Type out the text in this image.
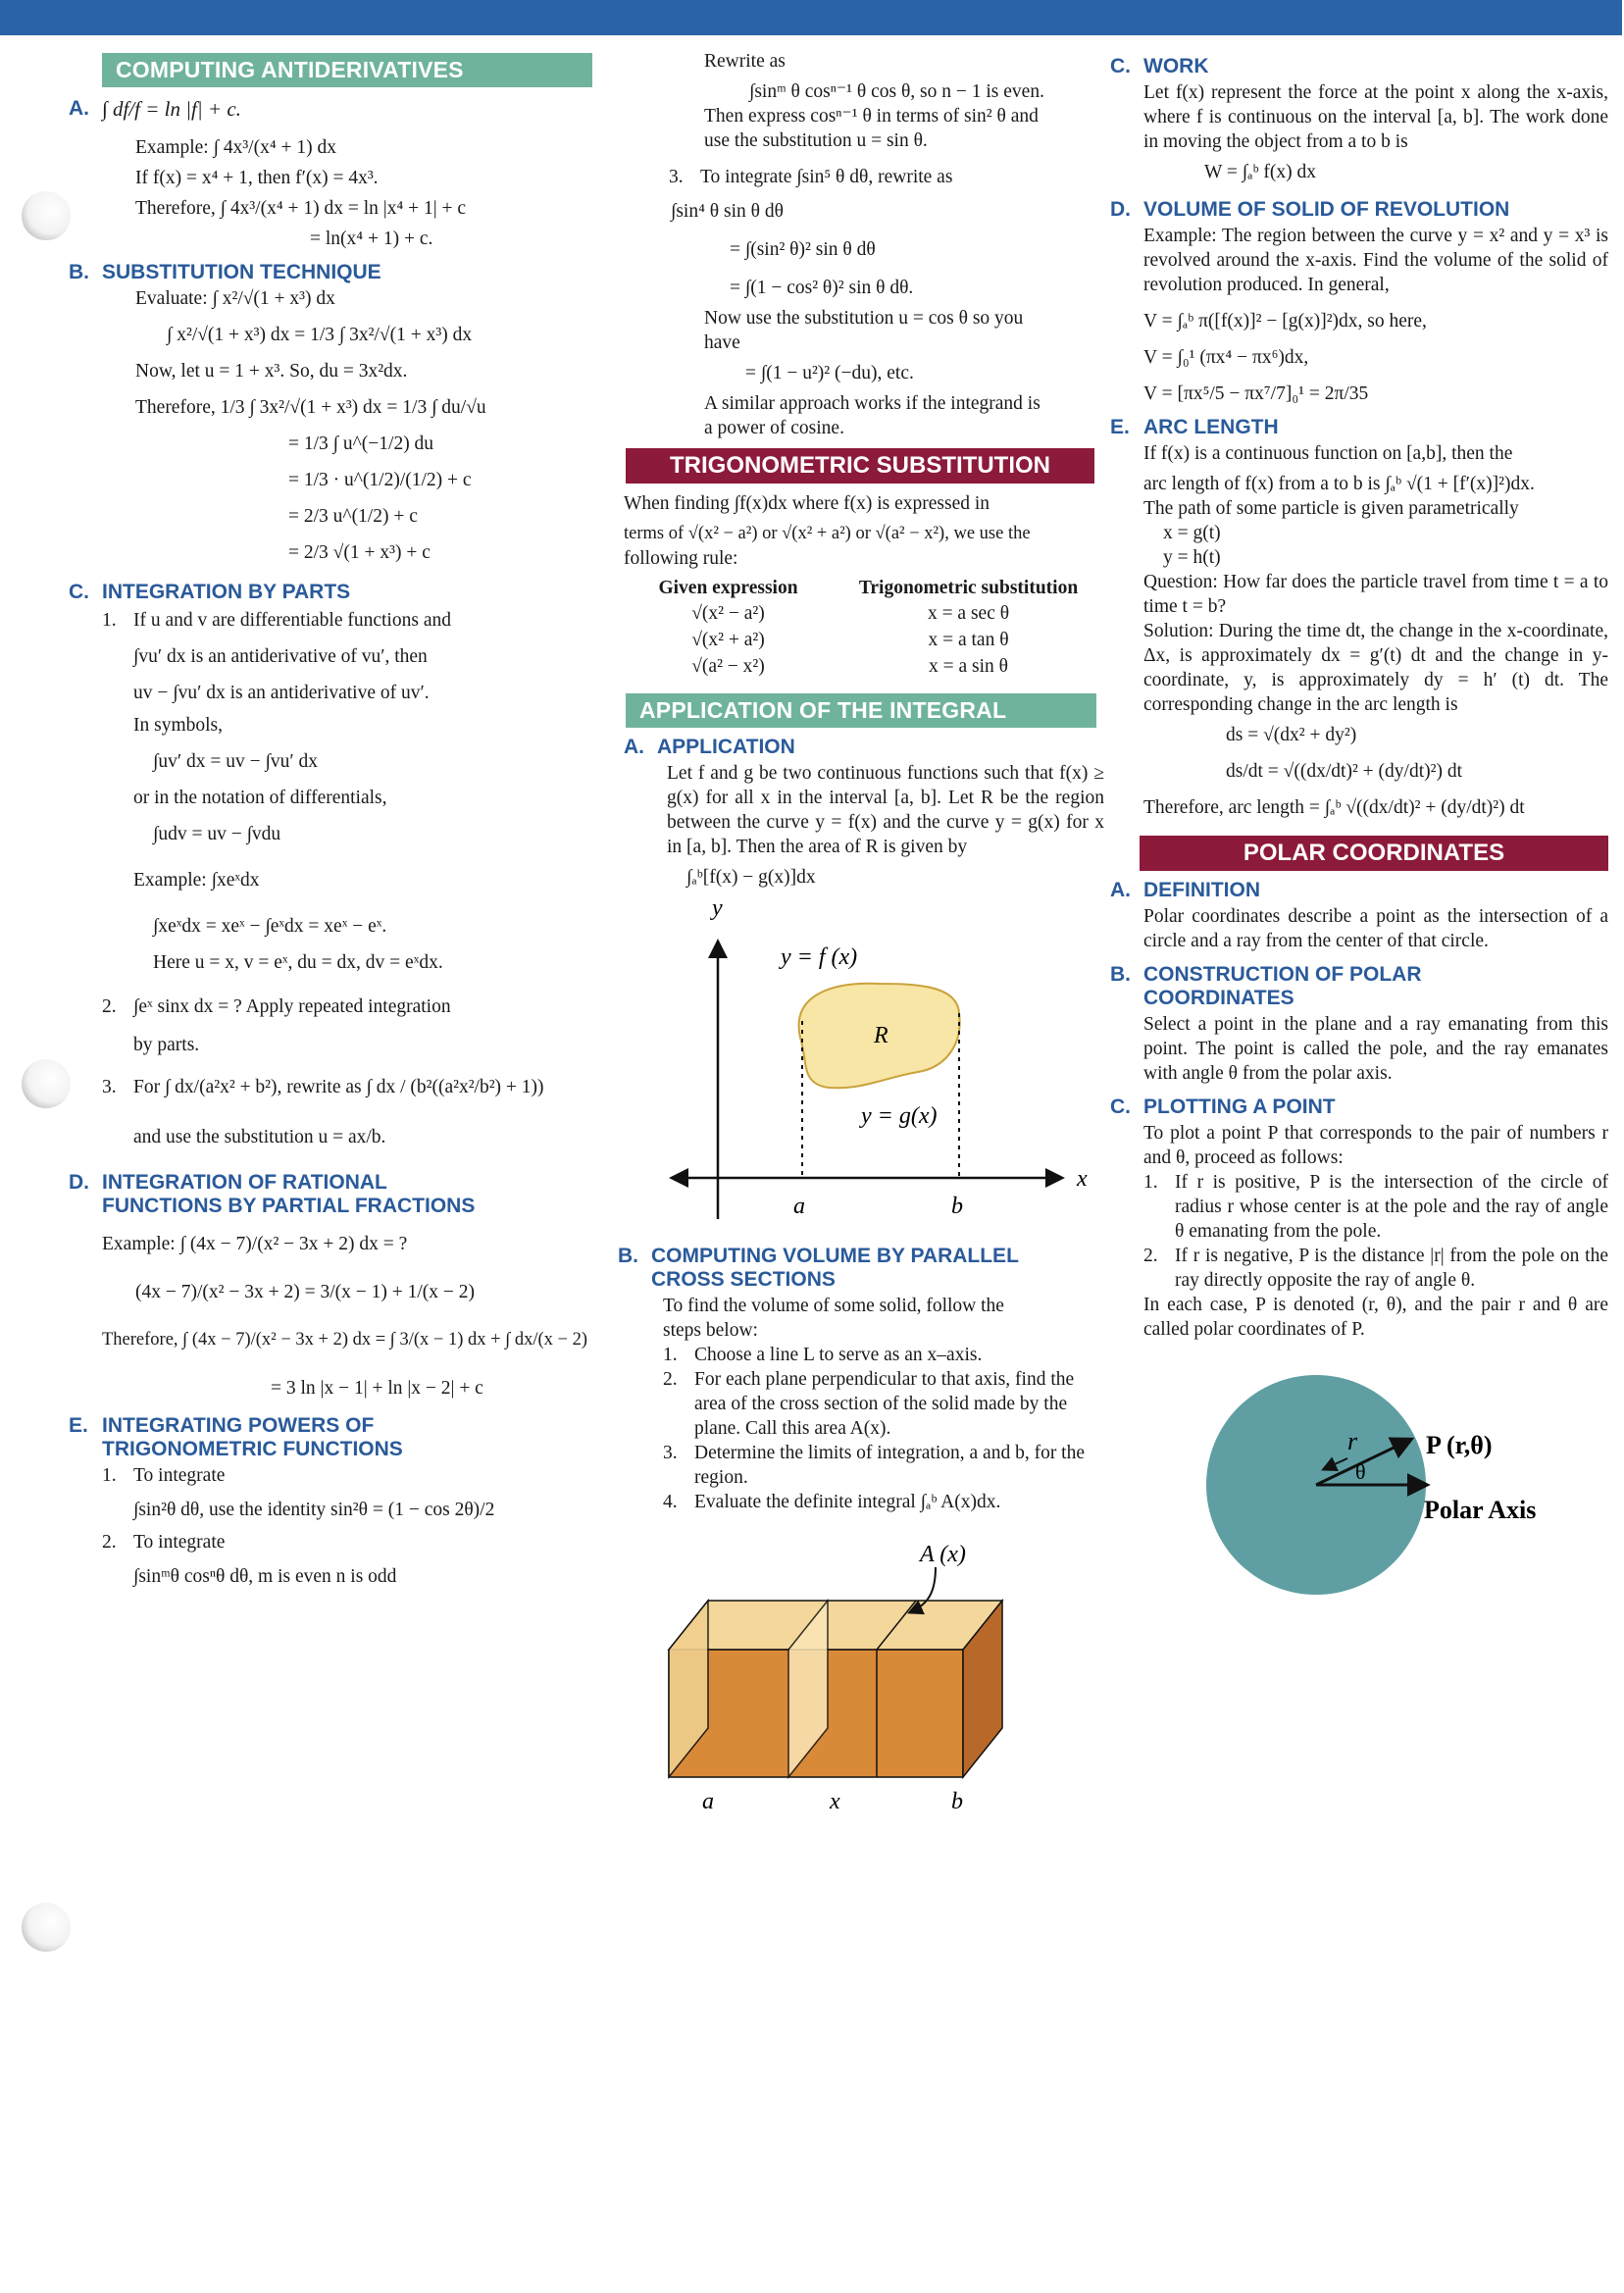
COMPUTING ANTIDERIVATIVES
A. ∫ df/f = ln |f| + c.

Example: ∫ 4x³/(x⁴ + 1) dx

If f(x) = x⁴ + 1, then f′(x) = 4x³.

Therefore, ∫ 4x³/(x⁴ + 1) dx = ln |x⁴ + 1| + c

= ln(x⁴ + 1) + c.

B. SUBSTITUTION TECHNIQUE

Evaluate: ∫ x²/√(1 + x³) dx

∫ x²/√(1 + x³) dx = 1/3 ∫ 3x²/√(1 + x³) dx

Now, let u = 1 + x³. So, du = 3x²dx.

Therefore, 1/3 ∫ 3x²/√(1 + x³) dx = 1/3 ∫ du/√u

= 1/3 ∫ u^(−1/2) du

= 1/3 · u^(1/2)/(1/2) + c

= 2/3 u^(1/2) + c

= 2/3 √(1 + x³) + c

C. INTEGRATION BY PARTS
1. If u and v are differentiable functions and

∫vu′ dx is an antiderivative of vu′, then

uv − ∫vu′ dx is an antiderivative of uv′.

In symbols,

∫uv′ dx = uv − ∫vu′ dx

or in the notation of differentials,

∫udv = uv − ∫vdu

Example: ∫xeˣdx

∫xeˣdx = xeˣ − ∫eˣdx = xeˣ − eˣ.

Here u = x, v = eˣ, du = dx, dv = eˣdx.

2. ∫eˣ sinx dx = ? Apply repeated integration

by parts.

3. For ∫ dx/(a²x² + b²), rewrite as ∫ dx / (b²((a²x²/b²) + 1))

and use the substitution u = ax/b.

D. INTEGRATION OF RATIONAL
FUNCTIONS BY PARTIAL FRACTIONS

Example: ∫ (4x − 7)/(x² − 3x + 2) dx = ?

(4x − 7)/(x² − 3x + 2) = 3/(x − 1) + 1/(x − 2)

Therefore, ∫ (4x − 7)/(x² − 3x + 2) dx = ∫ 3/(x − 1) dx + ∫ dx/(x − 2)

= 3 ln |x − 1| + ln |x − 2| + c

E. INTEGRATING POWERS OF
TRIGONOMETRIC FUNCTIONS
1. To integrate

∫sin²θ dθ, use the identity sin²θ = (1 − cos 2θ)/2

2. To integrate

∫sinᵐθ cosⁿθ dθ, m is even n is odd

Rewrite as

∫sinᵐ θ cosⁿ⁻¹ θ cos θ, so n − 1 is even.

Then express cosⁿ⁻¹ θ in terms of sin² θ and

use the substitution u = sin θ.

3. To integrate ∫sin⁵ θ dθ, rewrite as

∫sin⁴ θ sin θ dθ

= ∫(sin² θ)² sin θ dθ

= ∫(1 − cos² θ)² sin θ dθ.

Now use the substitution u = cos θ so you

have

= ∫(1 − u²)² (−du), etc.

A similar approach works if the integrand is

a power of cosine.

TRIGONOMETRIC SUBSTITUTION

When finding ∫f(x)dx where f(x) is expressed in

terms of √(x² − a²) or √(x² + a²) or √(a² − x²), we use the

following rule:

Given expression	Trigonometric substitution
√(x² − a²)	x = a sec θ
√(x² + a²)	x = a tan θ
√(a² − x²)	x = a sin θ
APPLICATION OF THE INTEGRAL
A. APPLICATION

Let f and g be two continuous functions such that f(x) ≥ g(x) for all x in the interval [a, b]. Let R be the region between the curve y = f(x) and the curve y = g(x) for x in [a, b]. Then the area of R is given by

∫ₐᵇ[f(x) − g(x)]dx

y
x
y = f (x)
R
y = g(x)
a	b
B. COMPUTING VOLUME BY PARALLEL
CROSS SECTIONS

To find the volume of some solid, follow the

steps below:

1. Choose a line L to serve as an x–axis.

2. For each plane perpendicular to that axis, find the area of the cross section of the solid made by the plane. Call this area A(x).

3. Determine the limits of integration, a and b, for the region.

4. Evaluate the definite integral ∫ₐᵇ A(x)dx.

A (x)
a	x	b
C. WORK

Let f(x) represent the force at the point x along the x-axis, where f is continuous on the interval [a, b]. The work done in moving the object from a to b is

W = ∫ₐᵇ f(x) dx

D. VOLUME OF SOLID OF REVOLUTION

Example: The region between the curve y = x² and y = x³ is revolved around the x-axis. Find the volume of the solid of revolution produced. In general,

V = ∫ₐᵇ π([f(x)]² − [g(x)]²)dx, so here,

V = ∫₀¹ (πx⁴ − πx⁶)dx,

V = [πx⁵/5 − πx⁷/7]₀¹ = 2π/35

E. ARC LENGTH

If f(x) is a continuous function on [a,b], then the

arc length of f(x) from a to b is ∫ₐᵇ √(1 + [f′(x)]²)dx.

The path of some particle is given parametrically

x = g(t)

y = h(t)

Question: How far does the particle travel from time t = a to time t = b?

Solution: During the time dt, the change in the x-coordinate, Δx, is approximately dx = g′(t) dt and the change in y-coordinate, y, is approximately dy = h′ (t) dt. The corresponding change in the arc length is

ds = √(dx² + dy²)

ds/dt = √((dx/dt)² + (dy/dt)²) dt

Therefore, arc length = ∫ₐᵇ √((dx/dt)² + (dy/dt)²) dt

POLAR COORDINATES
A. DEFINITION

Polar coordinates describe a point as the intersection of a circle and a ray from the center of that circle.

B. CONSTRUCTION OF POLAR
COORDINATES

Select a point in the plane and a ray emanating from this point. The point is called the pole, and the ray emanates with angle θ from the polar axis.

C. PLOTTING A POINT

To plot a point P that corresponds to the pair of numbers r and θ, proceed as follows:

1. If r is positive, P is the intersection of the circle of radius r whose center is at the pole and the ray of angle θ emanating from the pole.

2. If r is negative, P is the distance |r| from the pole on the ray directly opposite the ray of angle θ.

In each case, P is denoted (r, θ), and the pair r and θ are called polar coordinates of P.

r
θ
P (r,θ)
Polar Axis
